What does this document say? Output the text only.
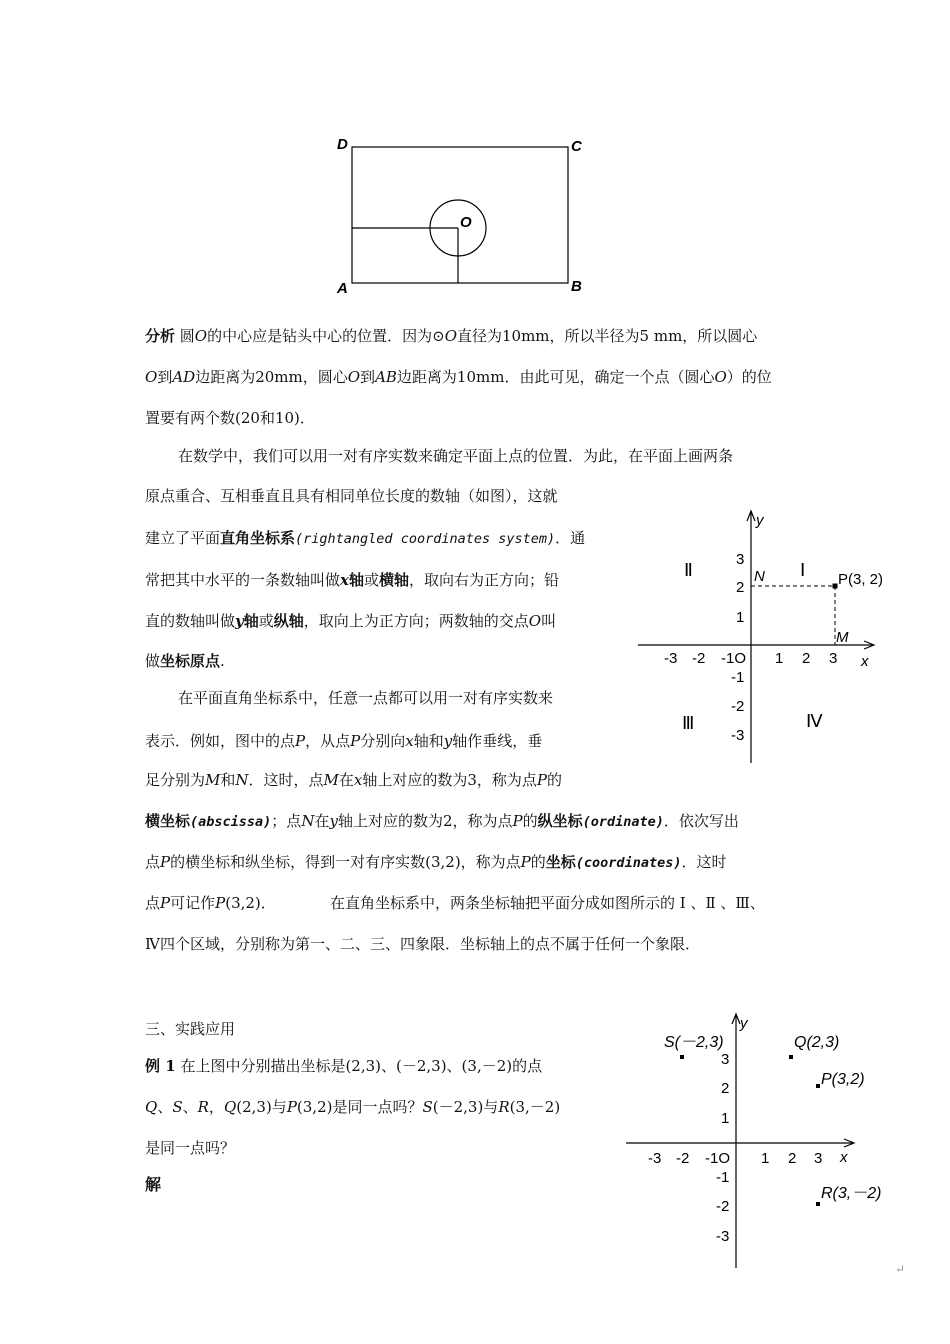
D	C
A	B
O
分析 圆O的中心应是钻头中心的位置．因为⊙O直径为10mm，所以半径为5 mm，所以圆心
O到AD边距离为20mm，圆心O到AB边距离为10mm．由此可见，确定一个点（圆心O）的位
置要有两个数(20和10)．
在数学中，我们可以用一对有序实数来确定平面上点的位置．为此，在平面上画两条
原点重合、互相垂直且具有相同单位长度的数轴（如图），这就
建立了平面直角坐标系(rightangled coordinates system)．通
常把其中水平的一条数轴叫做x轴或横轴，取向右为正方向；铅
直的数轴叫做y轴或纵轴，取向上为正方向；两数轴的交点O叫
做坐标原点.
在平面直角坐标系中，任意一点都可以用一对有序实数来
表示．例如，图中的点P，从点P分别向x轴和y轴作垂线，垂
足分别为M和N．这时，点M在x轴上对应的数为3，称为点P的
横坐标(abscissa)；点N在y轴上对应的数为2，称为点P的纵坐标(ordinate)．依次写出
点P的横坐标和纵坐标，得到一对有序实数(3,2)，称为点P的坐标(coordinates)．这时
点P可记作P(3,2)．	在直角坐标系中，两条坐标轴把平面分成如图所示的 Ⅰ 、Ⅱ 、Ⅲ、
Ⅳ四个区域，分别称为第一、二、三、四象限．坐标轴上的点不属于任何一个象限．
三、实践应用
例 1 在上图中分别描出坐标是(2,3)、(－2,3)、(3,－2)的点
Q、S、R，Q(2,3)与P(3,2)是同一点吗？S(－2,3)与R(3,－2)
是同一点吗？
解
y
x
-3 -2 -1O 1 2 3
3
2
1
-1
-2
-3
Ⅰ
Ⅱ
Ⅲ	Ⅳ
N
M
P(3, 2)
y
x
-3 -2 -1O 1 2 3
3
2
1
-1
-2
-3
S(－2,3)	Q(2,3)
P(3,2)
R(3,－2)
↵
